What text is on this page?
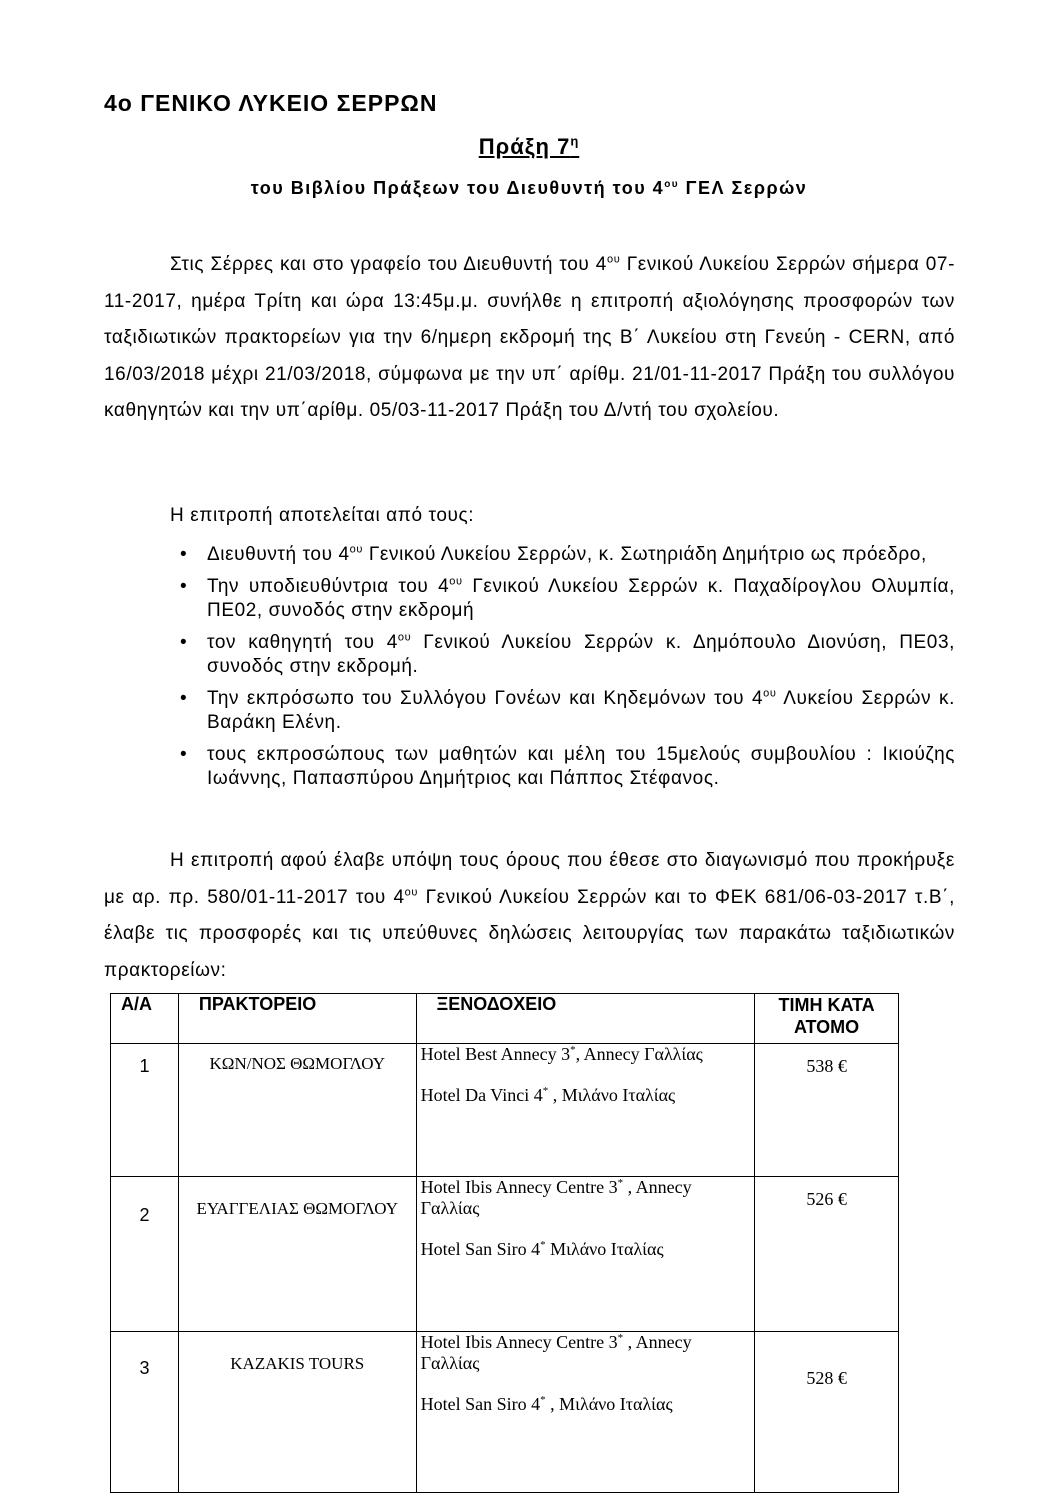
4ο ΓΕΝΙΚΟ ΛΥΚΕΙΟ ΣΕΡΡΩΝ
Πράξη $7^\eta$
του Βιβλίου Πράξεων του Διευθυντή του $4^{o\upsilon}$ ΓΕΛ Σερρών

Στις Σέρρες και στο γραφείο του Διευθυντή του $4^{o\upsilon}$ Γενικού Λυκείου Σερρών σήμερα 07-11-2017, ημέρα Τρίτη και ώρα 13:45μ.μ. συνήλθε η επιτροπή αξιολόγησης προσφορών των ταξιδιωτικών πρακτορείων για την 6/ημερη εκδρομή της Β΄ Λυκείου στη Γενεύη - CERN, από 16/03/2018 μέχρι 21/03/2018, σύμφωνα με την υπ΄ αρίθμ. 21/01-11-2017 Πράξη του συλλόγου καθηγητών και την υπ΄αρίθμ. 05/03-11-2017 Πράξη του Δ/ντή του σχολείου.

Η επιτροπή αποτελείται από τους:

• Διευθυντή του $4^{o\upsilon}$ Γενικού Λυκείου Σερρών, κ. Σωτηριάδη Δημήτριο ως πρόεδρο,
• Την υποδιευθύντρια του $4^{o\upsilon}$ Γενικού Λυκείου Σερρών κ. Παχαδίρογλου Ολυμπία, ΠΕ02, συνοδός στην εκδρομή
• τον καθηγητή του $4^{o\upsilon}$ Γενικού Λυκείου Σερρών κ. Δημόπουλο Διονύση, ΠΕ03, συνοδός στην εκδρομή.
• Την εκπρόσωπο του Συλλόγου Γονέων και Κηδεμόνων του $4^{o\upsilon}$ Λυκείου Σερρών κ. Βαράκη Ελένη.
• τους εκπροσώπους των μαθητών και μέλη του 15μελούς συμβουλίου : Ικιούζης Ιωάννης, Παπασπύρου Δημήτριος και Πάππος Στέφανος.

Η επιτροπή αφού έλαβε υπόψη τους όρους που έθεσε στο διαγωνισμό που προκήρυξε με αρ. πρ. 580/01-11-2017 του $4^{o\upsilon}$ Γενικού Λυκείου Σερρών και το ΦΕΚ 681/06-03-2017 τ.Β΄, έλαβε τις προσφορές και τις υπεύθυνες δηλώσεις λειτουργίας των παρακάτω ταξιδιωτικών πρακτορείων:

Α/Α	ΠΡΑΚΤΟΡΕΙΟ	ΞΕΝΟΔΟΧΕΙΟ	ΤΙΜΗ ΚΑΤΑ ΑΤΟΜΟ
1	ΚΩΝ/ΝΟΣ ΘΩΜΟΓΛΟΥ	Hotel Best Annecy 3*, Annecy Γαλλίας
Hotel Da Vinci 4* , Μιλάνο Ιταλίας	538 €
2	ΕΥΑΓΓΕΛΙΑΣ ΘΩΜΟΓΛΟΥ	Hotel Ibis Annecy Centre 3* , Annecy Γαλλίας
Hotel San Siro 4* Μιλάνο Ιταλίας	526 €
3	KAZAKIS TOURS	Hotel Ibis Annecy Centre 3* , Annecy Γαλλίας
Hotel San Siro 4* , Μιλάνο Ιταλίας	528 €
